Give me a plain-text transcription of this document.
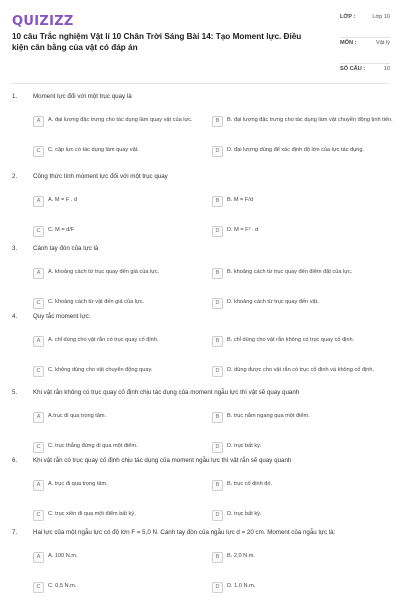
QUIZIZZ
10 câu Trắc nghiệm Vật lí 10 Chân Trời Sáng Bài 14: Tạo Moment lực. Điều kiện cân bằng của vật có đáp án
LỚP :	Lớp 10
MÔN :	Vật lý
SỐ CÂU :	10
1.	Moment lực đối với một trục quay là
A	A. đại lượng đặc trưng cho tác dụng làm quay vật của lực.	B	B. đại lượng đặc trưng cho tác dụng làm vật chuyển động tịnh tiến.
C	C. cặp lực có tác dụng làm quay vật.	D	D. đại lượng dùng để xác định độ lớn của lực tác dụng.
2.	Công thức tính moment lực đối với một trục quay
A	A. M = F . d	B	B. M = F/d
C	C. M = d/F	D	D. M = F² . d
3.	Cánh tay đòn của lực là
A	A. khoảng cách từ trục quay đến giá của lực.	B	B. khoảng cách từ trục quay đến điểm đặt của lực.
C	C. khoảng cách từ vật đến giá của lực.	D	D. khoảng cách từ trục quay đến vật.
4.	Quy tắc moment lực:
A	A. chỉ dùng cho vật rắn có trục quay cố định.	B	B. chỉ dùng cho vật rắn không có trục quay cố định.
C	C. không dùng cho vật chuyển động quay.	D	D. dùng được cho vật rắn có trục cố định và không cố định.
5.	Khi vật rắn không có trục quay cố định chịu tác dụng của moment ngẫu lực thì vật sẽ quay quanh
A	A.trục đi qua trọng tâm.	B	B. trục nằm ngang qua một điểm.
C	C. trục thẳng đứng đi qua một điểm.	D	D. trục bất kỳ.
6.	Khi vật rắn có trục quay cố định chịu tác dụng của moment ngẫu lực thì vật rắn sẽ quay quanh
A	A. trục đi qua trọng tâm.	B	B. trục cố định đó.
C	C. trục xiên đi qua một điểm bất kỳ.	D	D. trục bất kỳ.
7.	Hai lực của một ngẫu lực có độ lớn F = 5,0 N. Cánh tay đòn của ngẫu lực d = 20 cm. Moment của ngẫu lực là:
A	A. 100 N.m.	B	B. 2,0 N.m.
C	C. 0,5 N.m.	D	D. 1,0 N.m.
